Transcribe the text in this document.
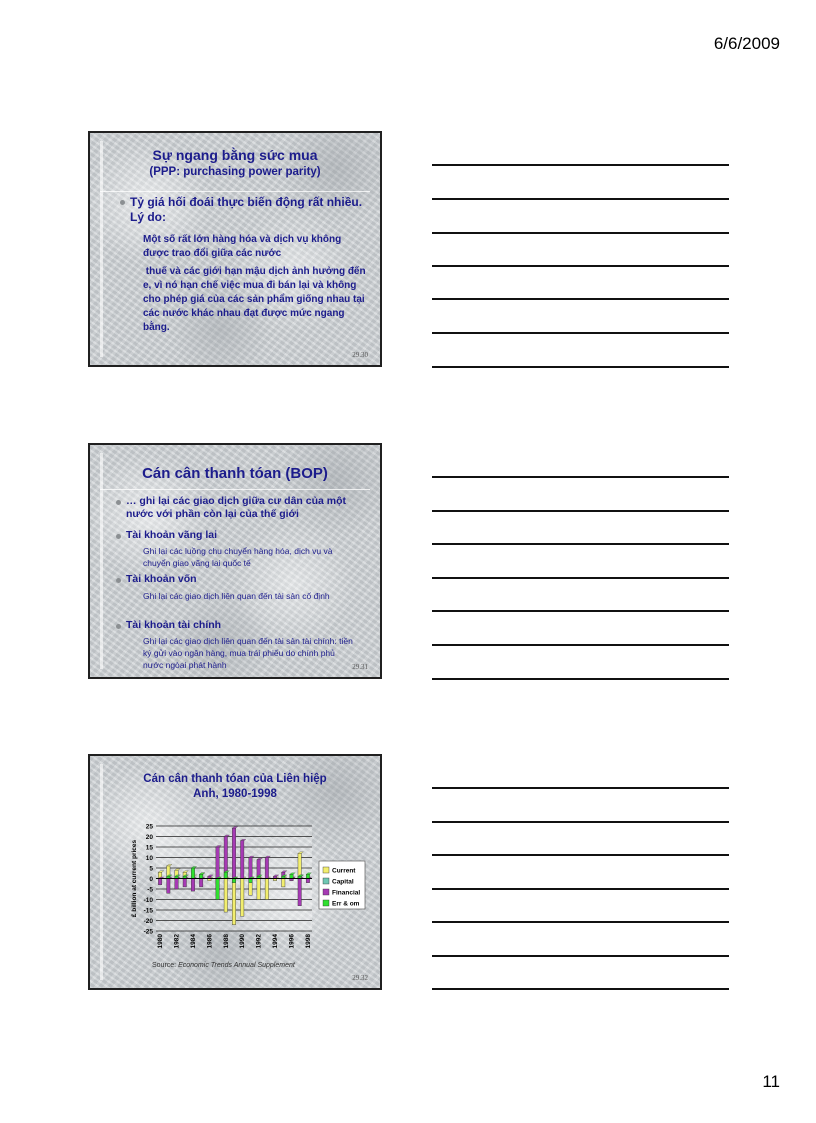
6/6/2009
Sự ngang bằng sức mua
(PPP: purchasing power parity)
Tỷ giá hối đoái thực biến động rất nhiều. Lý do:
Một số rất lớn hàng hóa và dịch vụ không được trao đổi giữa các nước
thuế và các giới hạn mậu dịch ảnh hưởng đến e, vì nó hạn chế việc mua đi bán lại và không cho phép giá của các sản phẩm giống nhau tại các nước khác nhau đạt được mức ngang bằng.
29.30
Cán cân thanh tóan (BOP)
… ghi lại các giao dịch giữa cư dân của một nước với phần còn lại của thế giới
Tài khoản vãng lai
Ghi lại các luồng chu chuyển hàng hóa, dịch vụ và chuyển giao vãng lai quốc tế
Tài khoản vốn
Ghi lại các giao dịch liên quan đến tài sản cố định
Tài khoản tài chính
Ghi lại các giao dịch liên quan đến tài sản tài chính: tiền ký gửi vào ngân hàng, mua trái phiếu do chính phủ nước ngòai phát hành	29.31
Cán cân thanh tóan của Liên hiệp Anh, 1980-1998
25
20
15
10
5
0
-5
-10
-15
-20
-25
£ billion at current prices
1980 1982 1984 1986 1988 1990 1992 1994 1996 1998
Current
Capital
Financial
Err & om
Source: Economic Trends Annual Supplement
29.32
11
